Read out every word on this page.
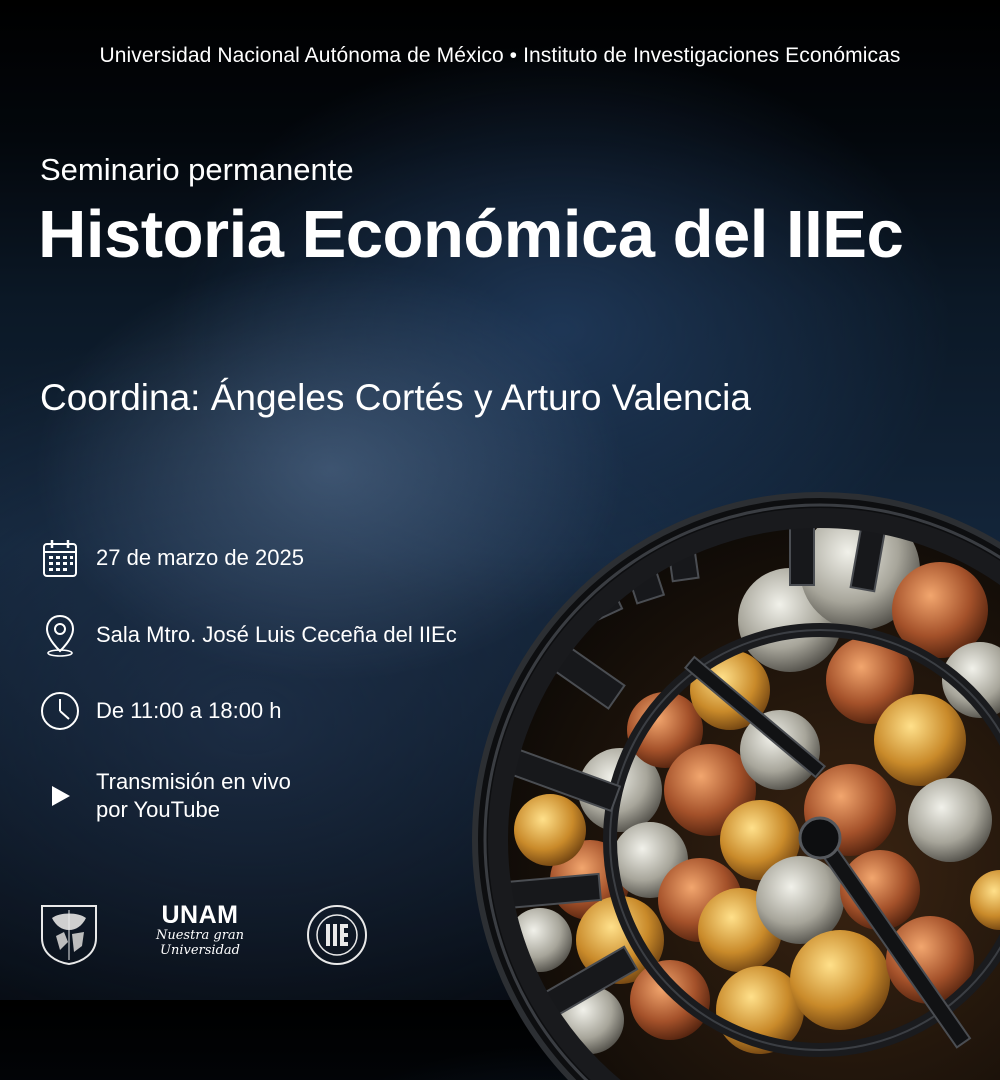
Universidad Nacional Autónoma de México • Instituto de Investigaciones Económicas
Seminario permanente
Historia Económica del IIEc
Coordina: Ángeles Cortés y Arturo Valencia
27 de marzo de 2025
Sala Mtro. José Luis Ceceña del IIEc
De 11:00 a 18:00 h
Transmisión en vivo
por YouTube
UNAM
Nuestra gran
Universidad
